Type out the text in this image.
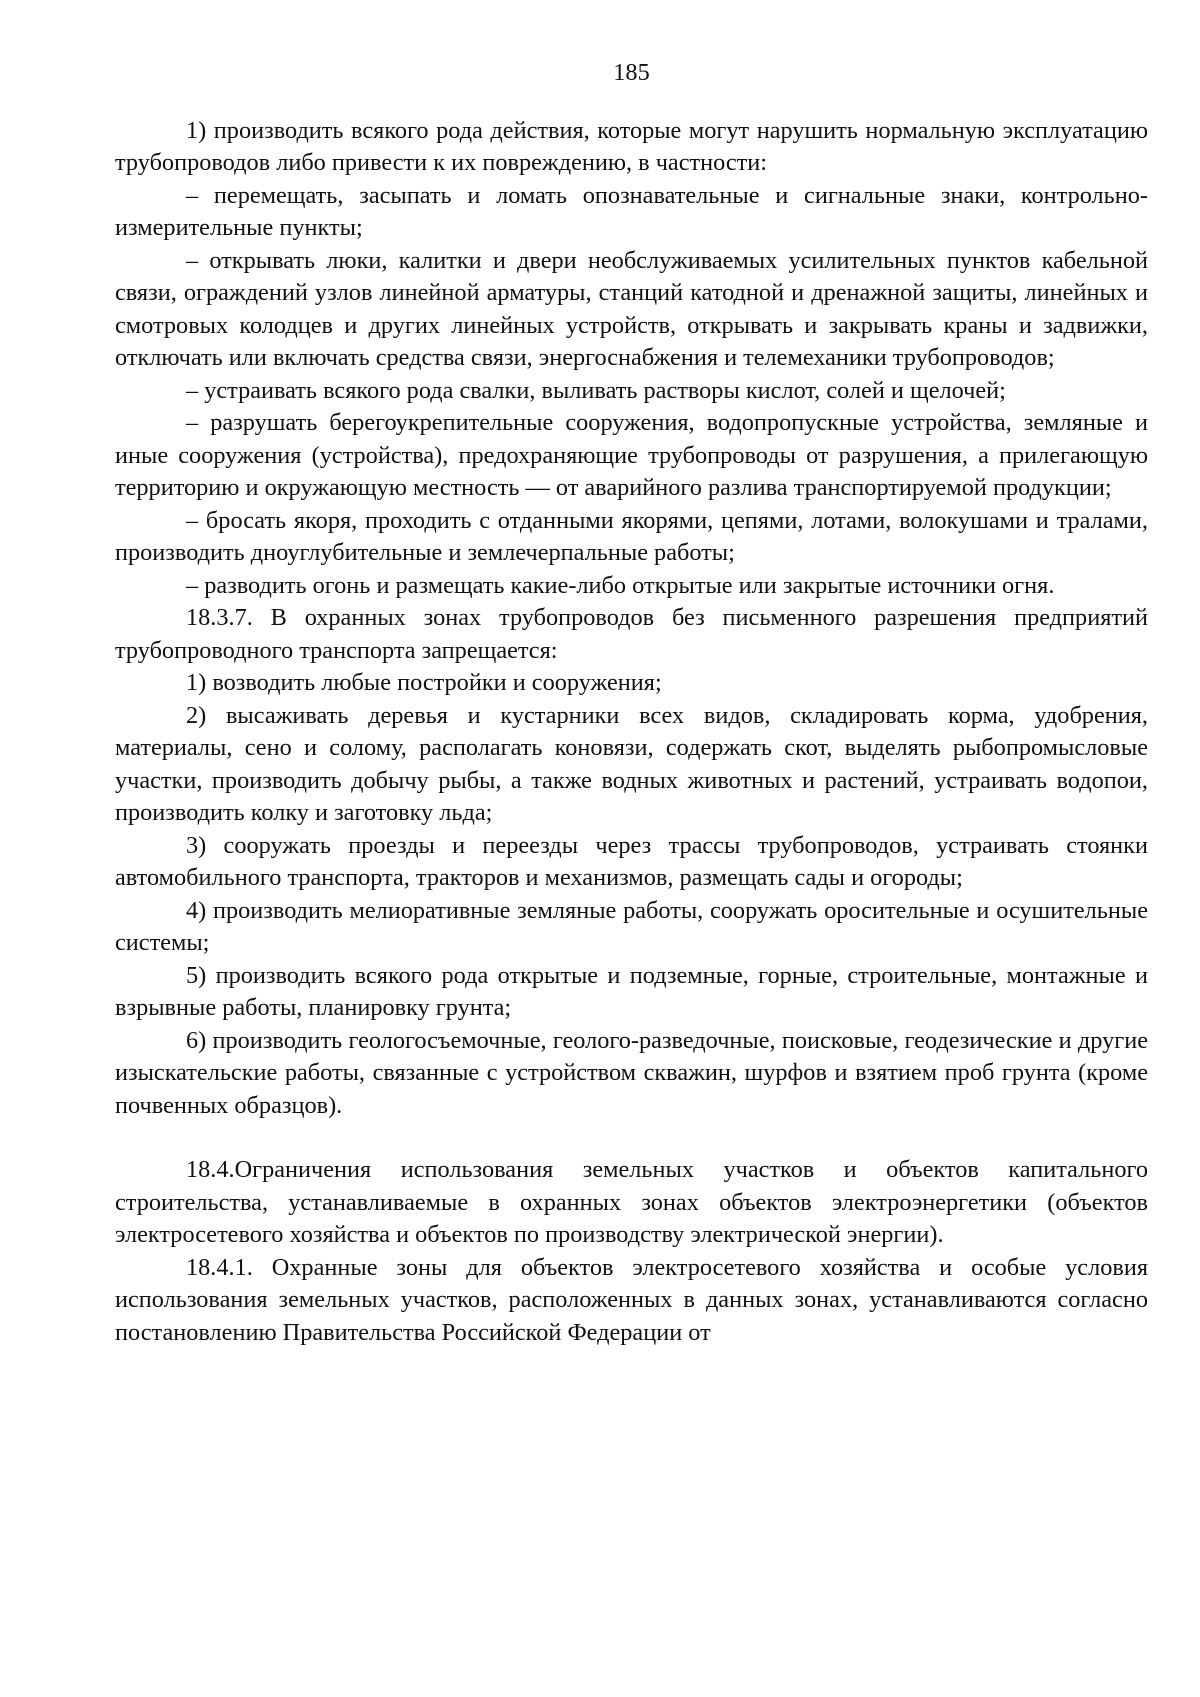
185

1) производить всякого рода действия, которые могут нарушить нормальную эксплуатацию трубопроводов либо привести к их повреждению, в частности:

– перемещать, засыпать и ломать опознавательные и сигнальные знаки, контрольно-измерительные пункты;

– открывать люки, калитки и двери необслуживаемых усилительных пунктов кабельной связи, ограждений узлов линейной арматуры, станций катодной и дренажной защиты, линейных и смотровых колодцев и других линейных устройств, открывать и закрывать краны и задвижки, отключать или включать средства связи, энергоснабжения и телемеханики трубопроводов;

– устраивать всякого рода свалки, выливать растворы кислот, солей и щелочей;

– разрушать берегоукрепительные сооружения, водопропускные устройства, земляные и иные сооружения (устройства), предохраняющие трубопроводы от разрушения, а прилегающую территорию и окружающую местность — от аварийного разлива транспортируемой продукции;

– бросать якоря, проходить с отданными якорями, цепями, лотами, волокушами и тралами, производить дноуглубительные и землечерпальные работы;

– разводить огонь и размещать какие-либо открытые или закрытые источники огня.

18.3.7. В охранных зонах трубопроводов без письменного разрешения предприятий трубопроводного транспорта запрещается:

1) возводить любые постройки и сооружения;

2) высаживать деревья и кустарники всех видов, складировать корма, удобрения, материалы, сено и солому, располагать коновязи, содержать скот, выделять рыбопромысловые участки, производить добычу рыбы, а также водных животных и растений, устраивать водопои, производить колку и заготовку льда;

3) сооружать проезды и переезды через трассы трубопроводов, устраивать стоянки автомобильного транспорта, тракторов и механизмов, размещать сады и огороды;

4) производить мелиоративные земляные работы, сооружать оросительные и осушительные системы;

5) производить всякого рода открытые и подземные, горные, строительные, монтажные и взрывные работы, планировку грунта;

6) производить геологосъемочные, геолого-разведочные, поисковые, геодезические и другие изыскательские работы, связанные с устройством скважин, шурфов и взятием проб грунта (кроме почвенных образцов).

18.4.Ограничения использования земельных участков и объектов капитального строительства, устанавливаемые в охранных зонах объектов электроэнергетики (объектов электросетевого хозяйства и объектов по производству электрической энергии).

18.4.1. Охранные зоны для объектов электросетевого хозяйства и особые условия использования земельных участков, расположенных в данных зонах, устанавливаются согласно постановлению Правительства Российской Федерации от
